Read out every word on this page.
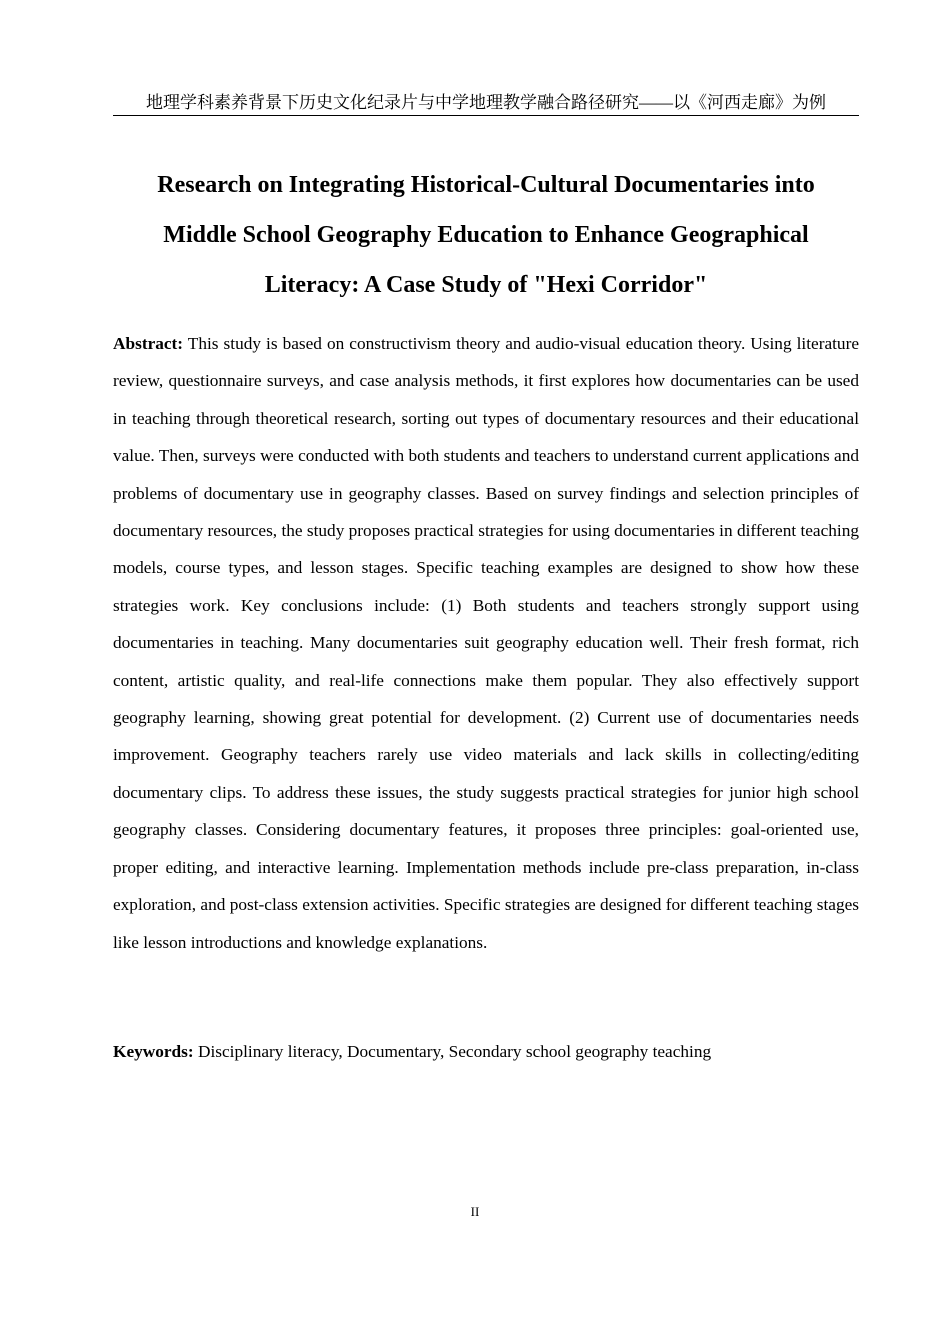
地理学科素养背景下历史文化纪录片与中学地理教学融合路径研究——以《河西走廊》为例
Research on Integrating Historical-Cultural Documentaries into
Middle School Geography Education to Enhance Geographical
Literacy: A Case Study of "Hexi Corridor"

Abstract: This study is based on constructivism theory and audio-visual education theory. Using literature review, questionnaire surveys, and case analysis methods, it first explores how documentaries can be used in teaching through theoretical research, sorting out types of documentary resources and their educational value. Then, surveys were conducted with both students and teachers to understand current applications and problems of documentary use in geography classes. Based on survey findings and selection principles of documentary resources, the study proposes practical strategies for using documentaries in different teaching models, course types, and lesson stages. Specific teaching examples are designed to show how these strategies work. Key conclusions include: (1) Both students and teachers strongly support using documentaries in teaching. Many documentaries suit geography education well. Their fresh format, rich content, artistic quality, and real-life connections make them popular. They also effectively support geography learning, showing great potential for development. (2) Current use of documentaries needs improvement. Geography teachers rarely use video materials and lack skills in collecting/editing documentary clips. To address these issues, the study suggests practical strategies for junior high school geography classes. Considering documentary features, it proposes three principles: goal-oriented use, proper editing, and interactive learning. Implementation methods include pre-class preparation, in-class exploration, and post-class extension activities. Specific strategies are designed for different teaching stages like lesson introductions and knowledge explanations.

Keywords: Disciplinary literacy, Documentary, Secondary school geography teaching

II
